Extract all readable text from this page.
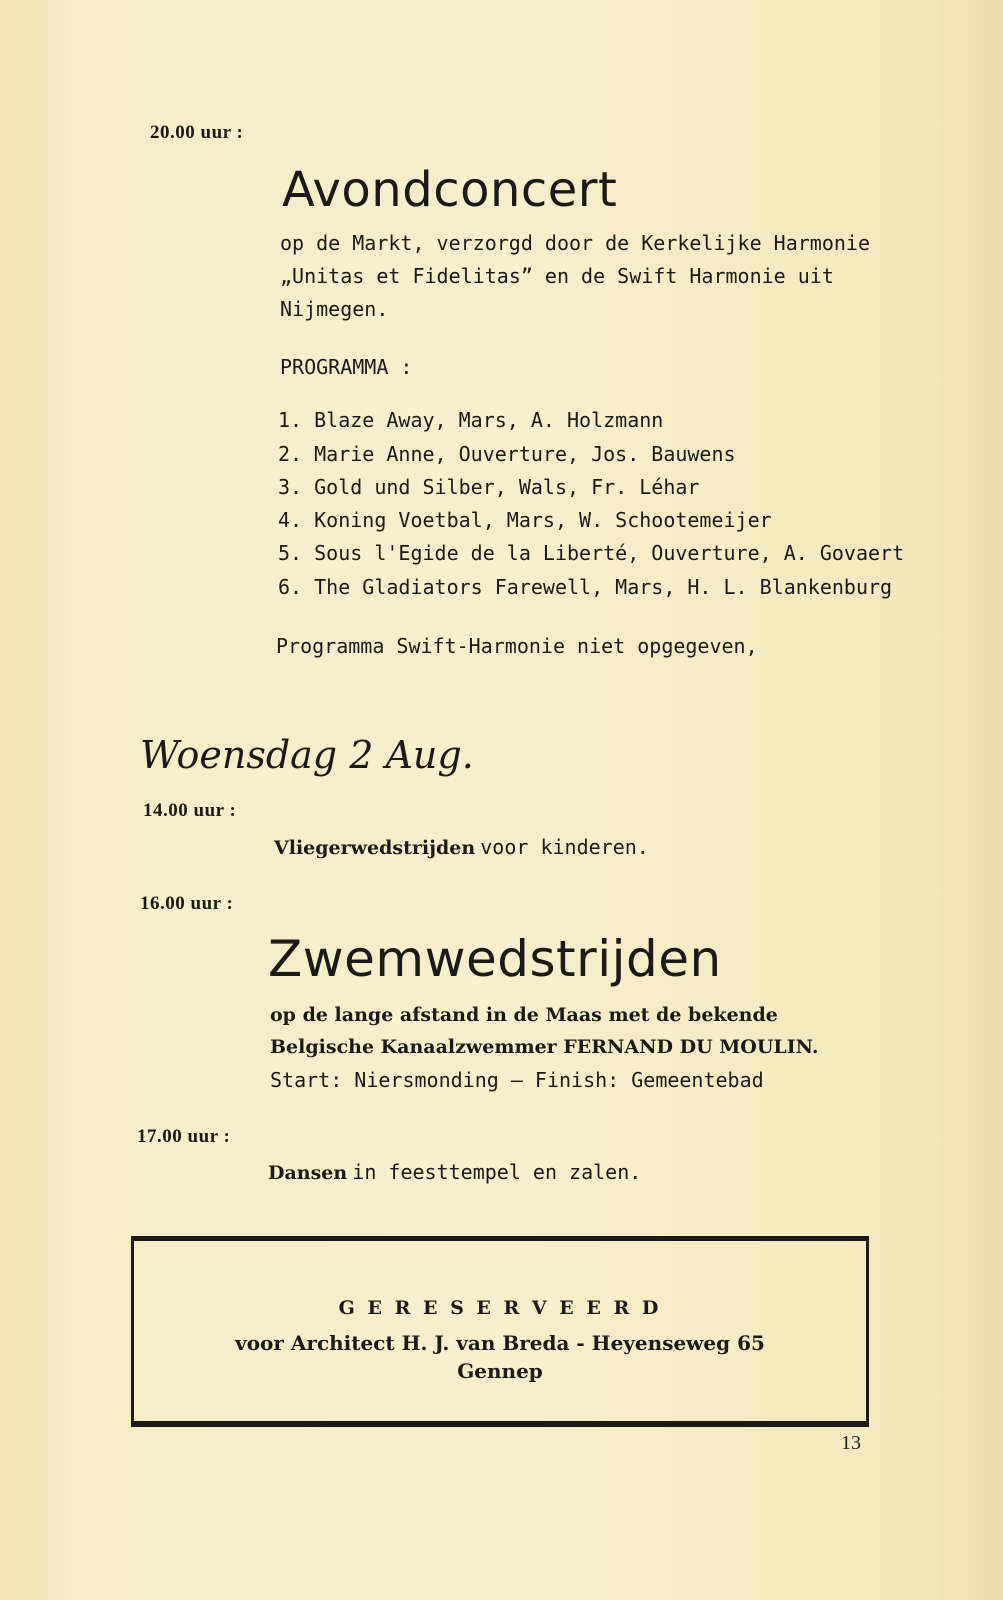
20.00 uur :
Avondconcert
op de Markt, verzorgd door de Kerkelijke Harmonie
„Unitas et Fidelitas” en de Swift Harmonie uit
Nijmegen.
PROGRAMMA :
1. Blaze Away, Mars, A. Holzmann
2. Marie Anne, Ouverture, Jos. Bauwens
3. Gold und Silber, Wals, Fr. Léhar
4. Koning Voetbal, Mars, W. Schootemeijer
5. Sous l'Egide de la Liberté, Ouverture, A. Govaert
6. The Gladiators Farewell, Mars, H. L. Blankenburg
Programma Swift-Harmonie niet opgegeven,
Woensdag 2 Aug.
14.00 uur :
Vliegerwedstrijden voor kinderen.
16.00 uur :
Zwemwedstrijden
op de lange afstand in de Maas met de bekende
Belgische Kanaalzwemmer FERNAND DU MOULIN.
Start: Niersmonding — Finish: Gemeentebad
17.00 uur :
Dansen in feesttempel en zalen.
G E R E S E R V E E R D
voor Architect H. J. van Breda - Heyenseweg 65
Gennep
13
